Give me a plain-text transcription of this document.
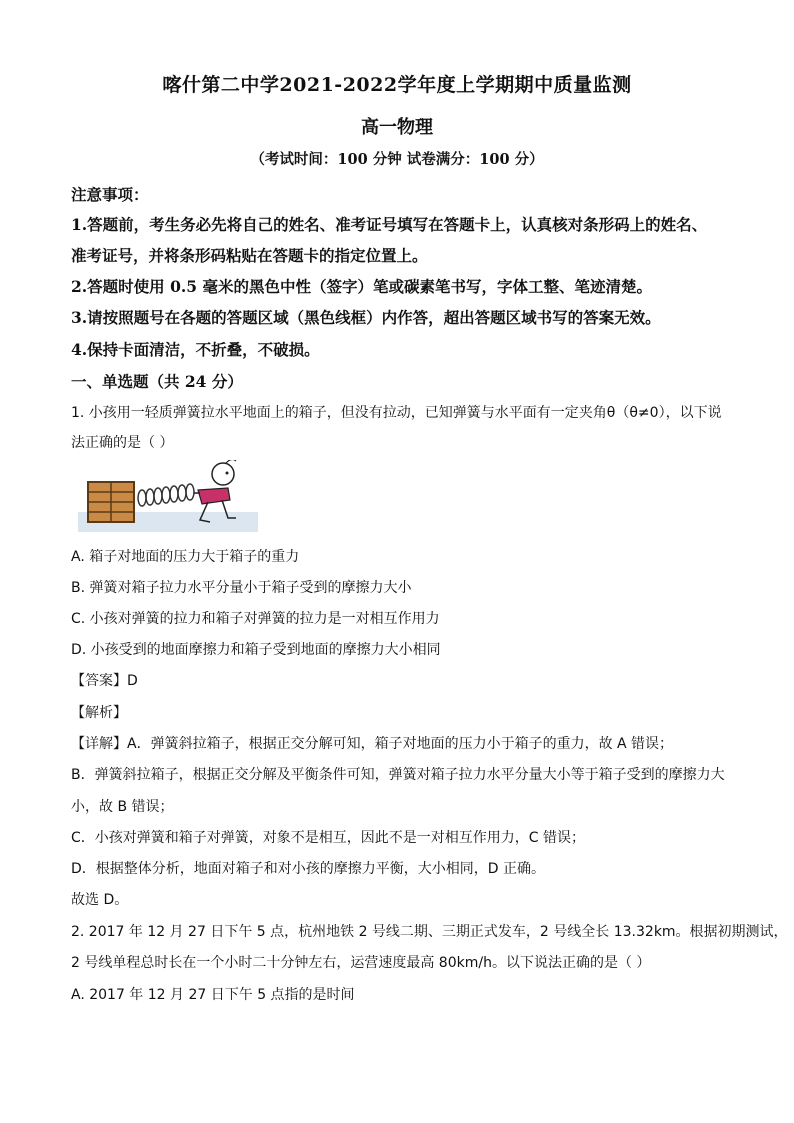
喀什第二中学2021-2022学年度上学期期中质量监测
高一物理
（考试时间：100 分钟 试卷满分：100 分）
注意事项：
1.答题前，考生务必先将自己的姓名、准考证号填写在答题卡上，认真核对条形码上的姓名、
准考证号，并将条形码粘贴在答题卡的指定位置上。
2.答题时使用 0.5 毫米的黑色中性（签字）笔或碳素笔书写，字体工整、笔迹清楚。
3.请按照题号在各题的答题区域（黑色线框）内作答，超出答题区域书写的答案无效。
4.保持卡面清洁，不折叠，不破损。
一、单选题（共 24 分）
1. 小孩用一轻质弹簧拉水平地面上的箱子，但没有拉动，已知弹簧与水平面有一定夹角θ（θ≠0），以下说
法正确的是（ ）
A. 箱子对地面的压力大于箱子的重力
B. 弹簧对箱子拉力水平分量小于箱子受到的摩擦力大小
C. 小孩对弹簧的拉力和箱子对弹簧的拉力是一对相互作用力
D. 小孩受到的地面摩擦力和箱子受到地面的摩擦力大小相同
【答案】D
【解析】
【详解】A．弹簧斜拉箱子，根据正交分解可知，箱子对地面的压力小于箱子的重力，故 A 错误；
B．弹簧斜拉箱子，根据正交分解及平衡条件可知，弹簧对箱子拉力水平分量大小等于箱子受到的摩擦力大
小，故 B 错误；
C．小孩对弹簧和箱子对弹簧，对象不是相互，因此不是一对相互作用力，C 错误；
D．根据整体分析，地面对箱子和对小孩的摩擦力平衡，大小相同，D 正确。
故选 D。
2. 2017 年 12 月 27 日下午 5 点，杭州地铁 2 号线二期、三期正式发车，2 号线全长 13.32km。根据初期测试，
2 号线单程总时长在一个小时二十分钟左右，运营速度最高 80km/h。以下说法正确的是（ ）
A. 2017 年 12 月 27 日下午 5 点指的是时间
